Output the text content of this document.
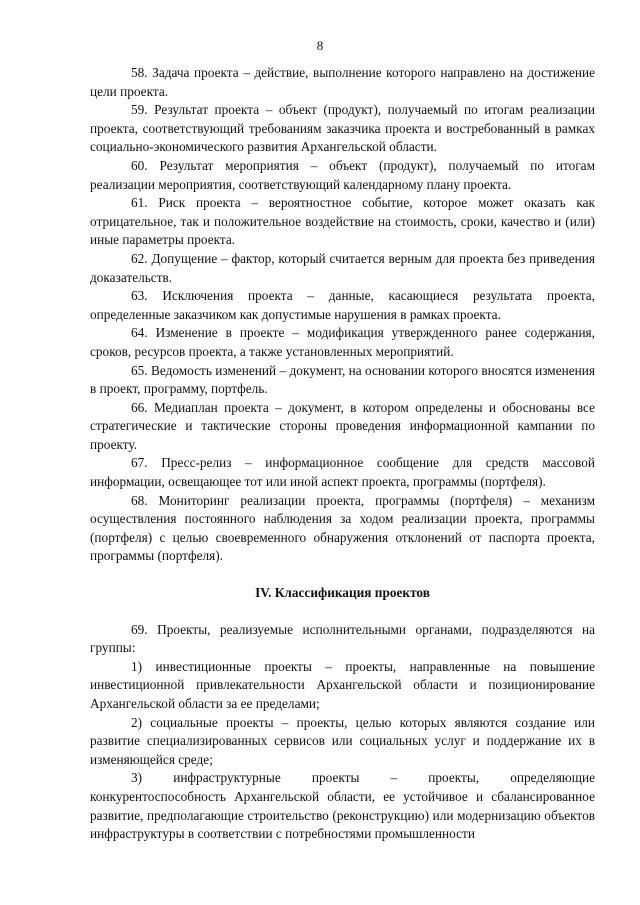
8

58. Задача проекта – действие, выполнение которого направлено на достижение цели проекта.

59. Результат проекта – объект (продукт), получаемый по итогам реализации проекта, соответствующий требованиям заказчика проекта и востребованный в рамках социально-экономического развития Архангельской области.

60. Результат мероприятия – объект (продукт), получаемый по итогам реализации мероприятия, соответствующий календарному плану проекта.

61. Риск проекта – вероятностное событие, которое может оказать как отрицательное, так и положительное воздействие на стоимость, сроки, качество и (или) иные параметры проекта.

62. Допущение – фактор, который считается верным для проекта без приведения доказательств.

63. Исключения проекта – данные, касающиеся результата проекта, определенные заказчиком как допустимые нарушения в рамках проекта.

64. Изменение в проекте – модификация утвержденного ранее содержания, сроков, ресурсов проекта, а также установленных мероприятий.

65. Ведомость изменений – документ, на основании которого вносятся изменения в проект, программу, портфель.

66. Медиаплан проекта – документ, в котором определены и обоснованы все стратегические и тактические стороны проведения информационной кампании по проекту.

67. Пресс-релиз – информационное сообщение для средств массовой информации, освещающее тот или иной аспект проекта, программы (портфеля).

68. Мониторинг реализации проекта, программы (портфеля) – механизм осуществления постоянного наблюдения за ходом реализации проекта, программы (портфеля) с целью своевременного обнаружения отклонений от паспорта проекта, программы (портфеля).

IV. Классификация проектов

69. Проекты, реализуемые исполнительными органами, подразделяются на группы:

1) инвестиционные проекты – проекты, направленные на повышение инвестиционной привлекательности Архангельской области и позиционирование Архангельской области за ее пределами;

2) социальные проекты – проекты, целью которых являются создание или развитие специализированных сервисов или социальных услуг и поддержание их в изменяющейся среде;

3) инфраструктурные проекты – проекты, определяющие конкурентоспособность Архангельской области, ее устойчивое и сбалансированное развитие, предполагающие строительство (реконструкцию) или модернизацию объектов инфраструктуры в соответствии с потребностями промышленности
